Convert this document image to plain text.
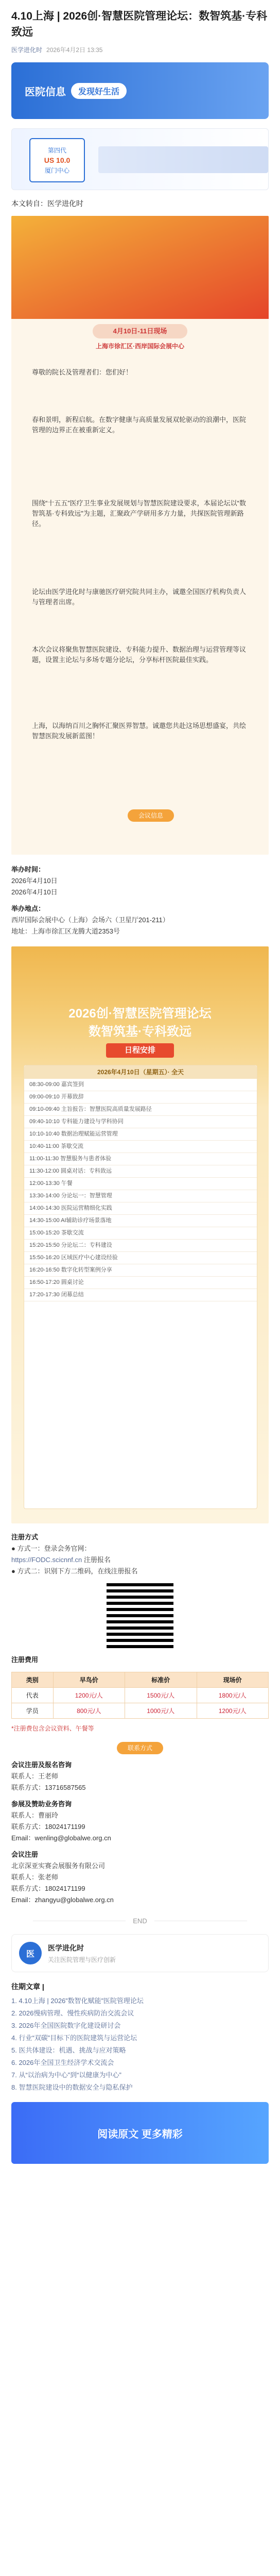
4.10上海 | 2026创·智慧医院管理论坛：数智筑基·专科致远
医学进化时 2026年4月2日 13:35
医院信息	发现好生活
第四代
US 10.0
厦门中心
本文转自：医学进化时
4月10日-11日现场
上海市徐汇区·西岸国际会展中心
尊敬的院长及管理者们：您们好！
春和景明，新程启航。在数字健康与高质量发展双轮驱动的浪潮中，医院管理的边界正在被重新定义。
围绕“十五五”医疗卫生事业发展规划与智慧医院建设要求，本届论坛以“数智筑基·专科致远”为主题，汇聚政产学研用多方力量，共探医院管理新路径。
论坛由医学进化时与康驰医疗研究院共同主办，诚邀全国医疗机构负责人与管理者出席。
本次会议将聚焦智慧医院建设、专科能力提升、数据治理与运营管理等议题，设置主论坛与多场专题分论坛，分享标杆医院最佳实践。
上海，以海纳百川之胸怀汇聚医界智慧。诚邀您共赴这场思想盛宴，共绘智慧医院发展新蓝图！
会议信息
举办时间：
2026年4月10日
2026年4月10日
举办地点：
西岸国际会展中心（上海）会场六（卫星厅201-211）
地址：上海市徐汇区龙腾大道2353号
2026创·智慧医院管理论坛
数智筑基·专科致远
日程安排
2026年4月10日（星期五）· 全天
08:30-09:00 嘉宾签到
09:00-09:10 开幕致辞
09:10-09:40 主旨报告：智慧医院高质量发展路径
09:40-10:10 专科能力建设与学科协同
10:10-10:40 数据治理赋能运营管理
10:40-11:00 茶歇交流
11:00-11:30 智慧服务与患者体验
11:30-12:00 圆桌对话：专科致远
12:00-13:30 午餐
13:30-14:00 分论坛一：智慧管理
14:00-14:30 医院运营精细化实践
14:30-15:00 AI辅助诊疗场景落地
15:00-15:20 茶歇交流
15:20-15:50 分论坛二：专科建设
15:50-16:20 区域医疗中心建设经验
16:20-16:50 数字化转型案例分享
16:50-17:20 圆桌讨论
17:20-17:30 闭幕总结
注册方式
● 方式一：登录会务官网：
https://FODC.scicnnf.cn 注册报名
● 方式二：识别下方二维码，在线注册报名
注册费用
类别	早鸟价	标准价	现场价
代表	1200元/人	1500元/人	1800元/人
学员	800元/人	1000元/人	1200元/人
*注册费包含会议资料、午餐等
联系方式
会议注册及报名咨询
联系人：王老师
联系方式：13716587565
参展及赞助业务咨询
联系人：曹丽玲
联系方式：18024171199
Email：wenling@globalwe.org.cn
会议注册
北京深亚实赛会展服务有限公司
联系人：张老师
联系方式：18024171199
Email：zhangyu@globalwe.org.cn
END
医
医学进化时
关注医院管理与医疗创新
往期文章 |
1. 4.10上海 | 2026”数智化赋能”医院管理论坛
2. 2026慢病管理、慢性疾病防治交流会议
3. 2026年全国医院数字化建设研讨会
4. 行业“双碳”目标下的医院建筑与运营论坛
5. 医共体建设：机遇、挑战与应对策略
6. 2026年全国卫生经济学术交流会
7. 从“以治病为中心”到“以健康为中心”
8. 智慧医院建设中的数据安全与隐私保护
阅读原文 更多精彩
